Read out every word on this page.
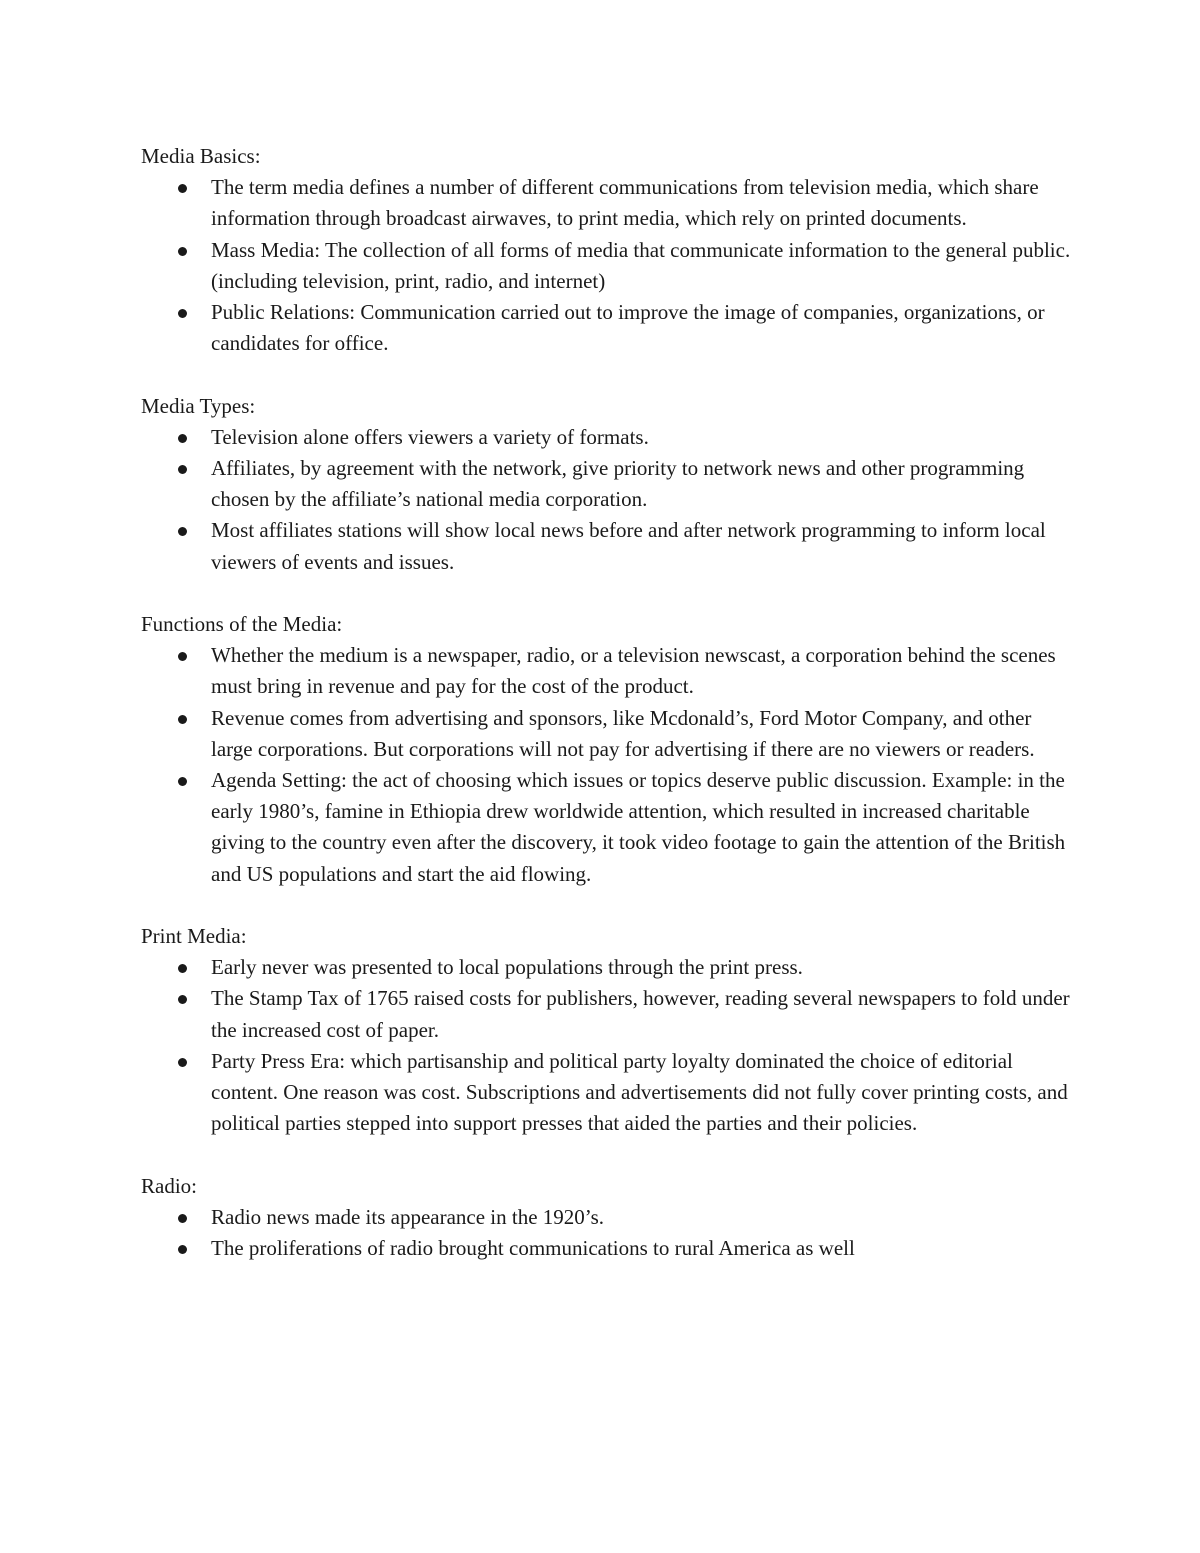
Media Basics:

The term media defines a number of different communications from television media, which share information through broadcast airwaves, to print media, which rely on printed documents.
Mass Media: The collection of all forms of media that communicate information to the general public. (including television, print, radio, and internet)
Public Relations: Communication carried out to improve the image of companies, organizations, or candidates for office.

Media Types:

Television alone offers viewers a variety of formats.
Affiliates, by agreement with the network, give priority to network news and other programming chosen by the affiliate’s national media corporation.
Most affiliates stations will show local news before and after network programming to inform local viewers of events and issues.

Functions of the Media:

Whether the medium is a newspaper, radio, or a television newscast, a corporation behind the scenes must bring in revenue and pay for the cost of the product.
Revenue comes from advertising and sponsors, like Mcdonald’s, Ford Motor Company, and other large corporations. But corporations will not pay for advertising if there are no viewers or readers.
Agenda Setting: the act of choosing which issues or topics deserve public discussion. Example: in the early 1980’s, famine in Ethiopia drew worldwide attention, which resulted in increased charitable giving to the country even after the discovery, it took video footage to gain the attention of the British and US populations and start the aid flowing.

Print Media:

Early never was presented to local populations through the print press.
The Stamp Tax of 1765 raised costs for publishers, however, reading several newspapers to fold under the increased cost of paper.
Party Press Era: which partisanship and political party loyalty dominated the choice of editorial content. One reason was cost. Subscriptions and advertisements did not fully cover printing costs, and political parties stepped into support presses that aided the parties and their policies.

Radio:

Radio news made its appearance in the 1920’s.
The proliferations of radio brought communications to rural America as well
